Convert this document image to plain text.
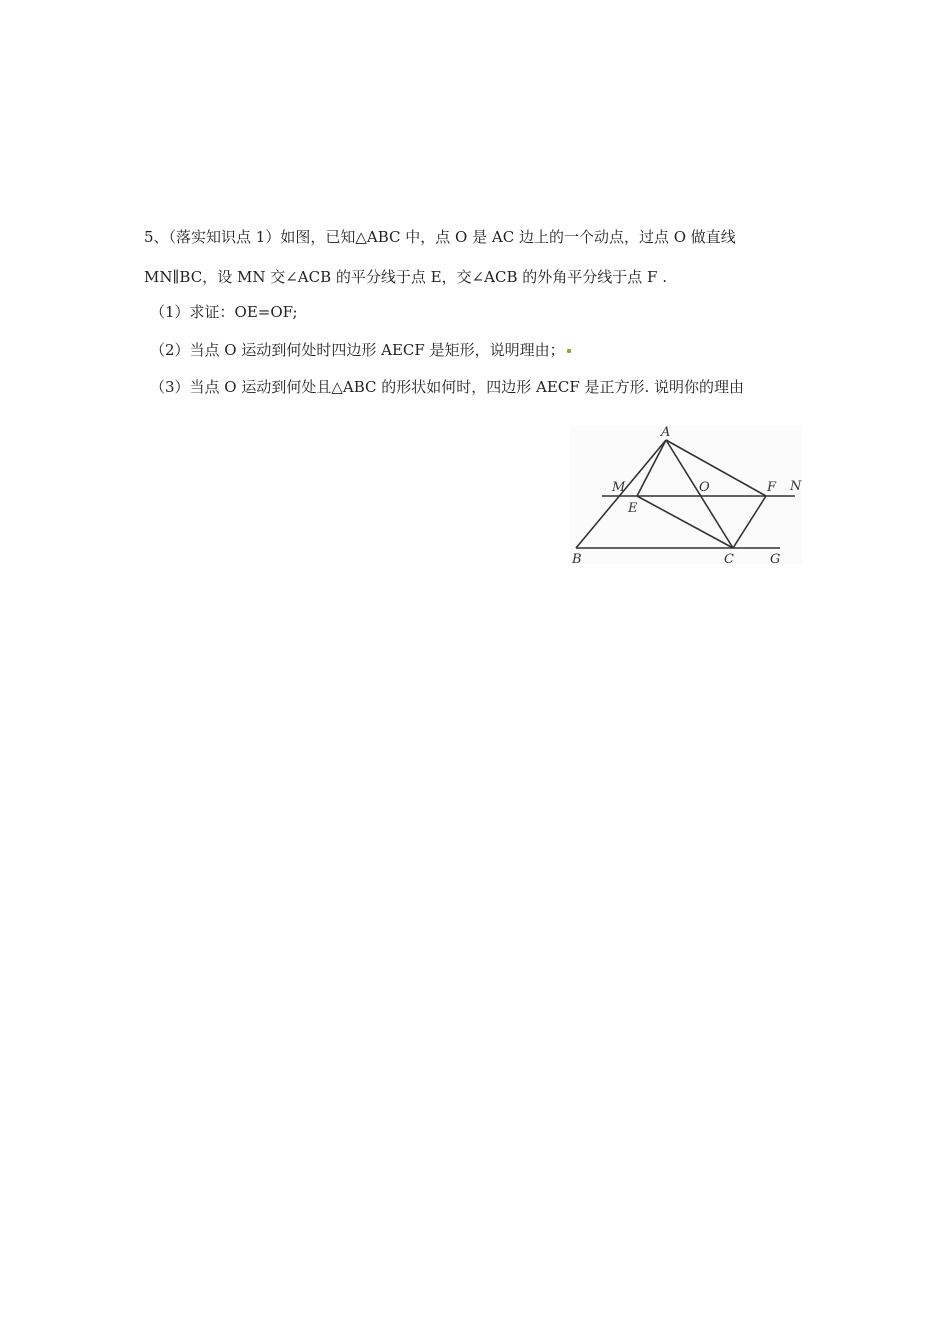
5、（落实知识点 1）如图，已知△ABC 中，点 O 是 AC 边上的一个动点，过点 O 做直线
MN∥BC，设 MN 交∠ACB 的平分线于点 E，交∠ACB 的外角平分线于点 F .
（1）求证：OE=OF;
（2）当点 O 运动到何处时四边形 AECF 是矩形，说明理由；
（3）当点 O 运动到何处且△ABC 的形状如何时，四边形 AECF 是正方形. 说明你的理由
A
M	O	F N
E
B	C	G
